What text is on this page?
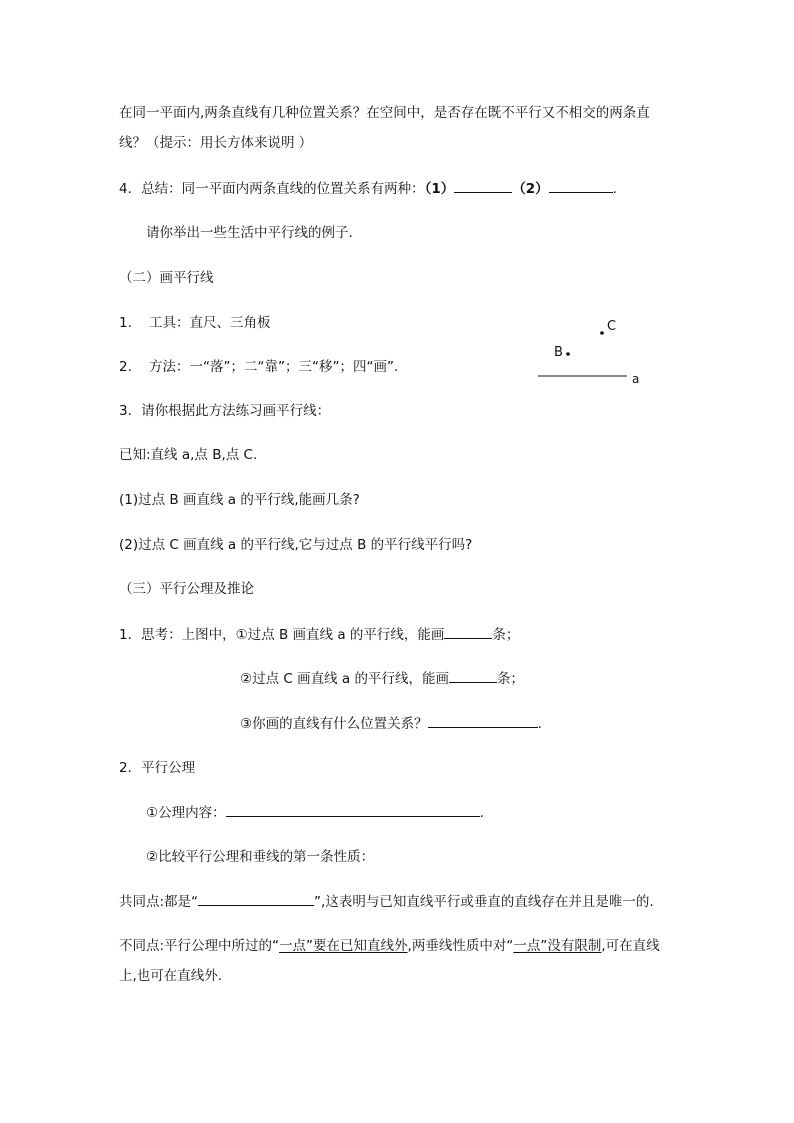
在同一平面内,两条直线有几种位置关系？在空间中，是否存在既不平行又不相交的两条直
线？（提示：用长方体来说明 ）
4．总结：同一平面内两条直线的位置关系有两种：（1）	（2）	.
请你举出一些生活中平行线的例子.
（二）画平行线
1. 工具：直尺、三角板
2. 方法：一“落”；二“靠”；三“移”；四“画”.
C
B
a
3．请你根据此方法练习画平行线：
已知:直线 a,点 B,点 C.
(1)过点 B 画直线 a 的平行线,能画几条?
(2)过点 C 画直线 a 的平行线,它与过点 B 的平行线平行吗?
（三）平行公理及推论
1．思考：上图中，①过点 B 画直线 a 的平行线，能画	条；
②过点 C 画直线 a 的平行线，能画	条；
③你画的直线有什么位置关系？	.
2．平行公理
①公理内容：	.
②比较平行公理和垂线的第一条性质：
共同点:都是“	”,这表明与已知直线平行或垂直的直线存在并且是唯一的.
不同点:平行公理中所过的“一点”要在已知直线外,两垂线性质中对“一点”没有限制,可在直线
上,也可在直线外.
